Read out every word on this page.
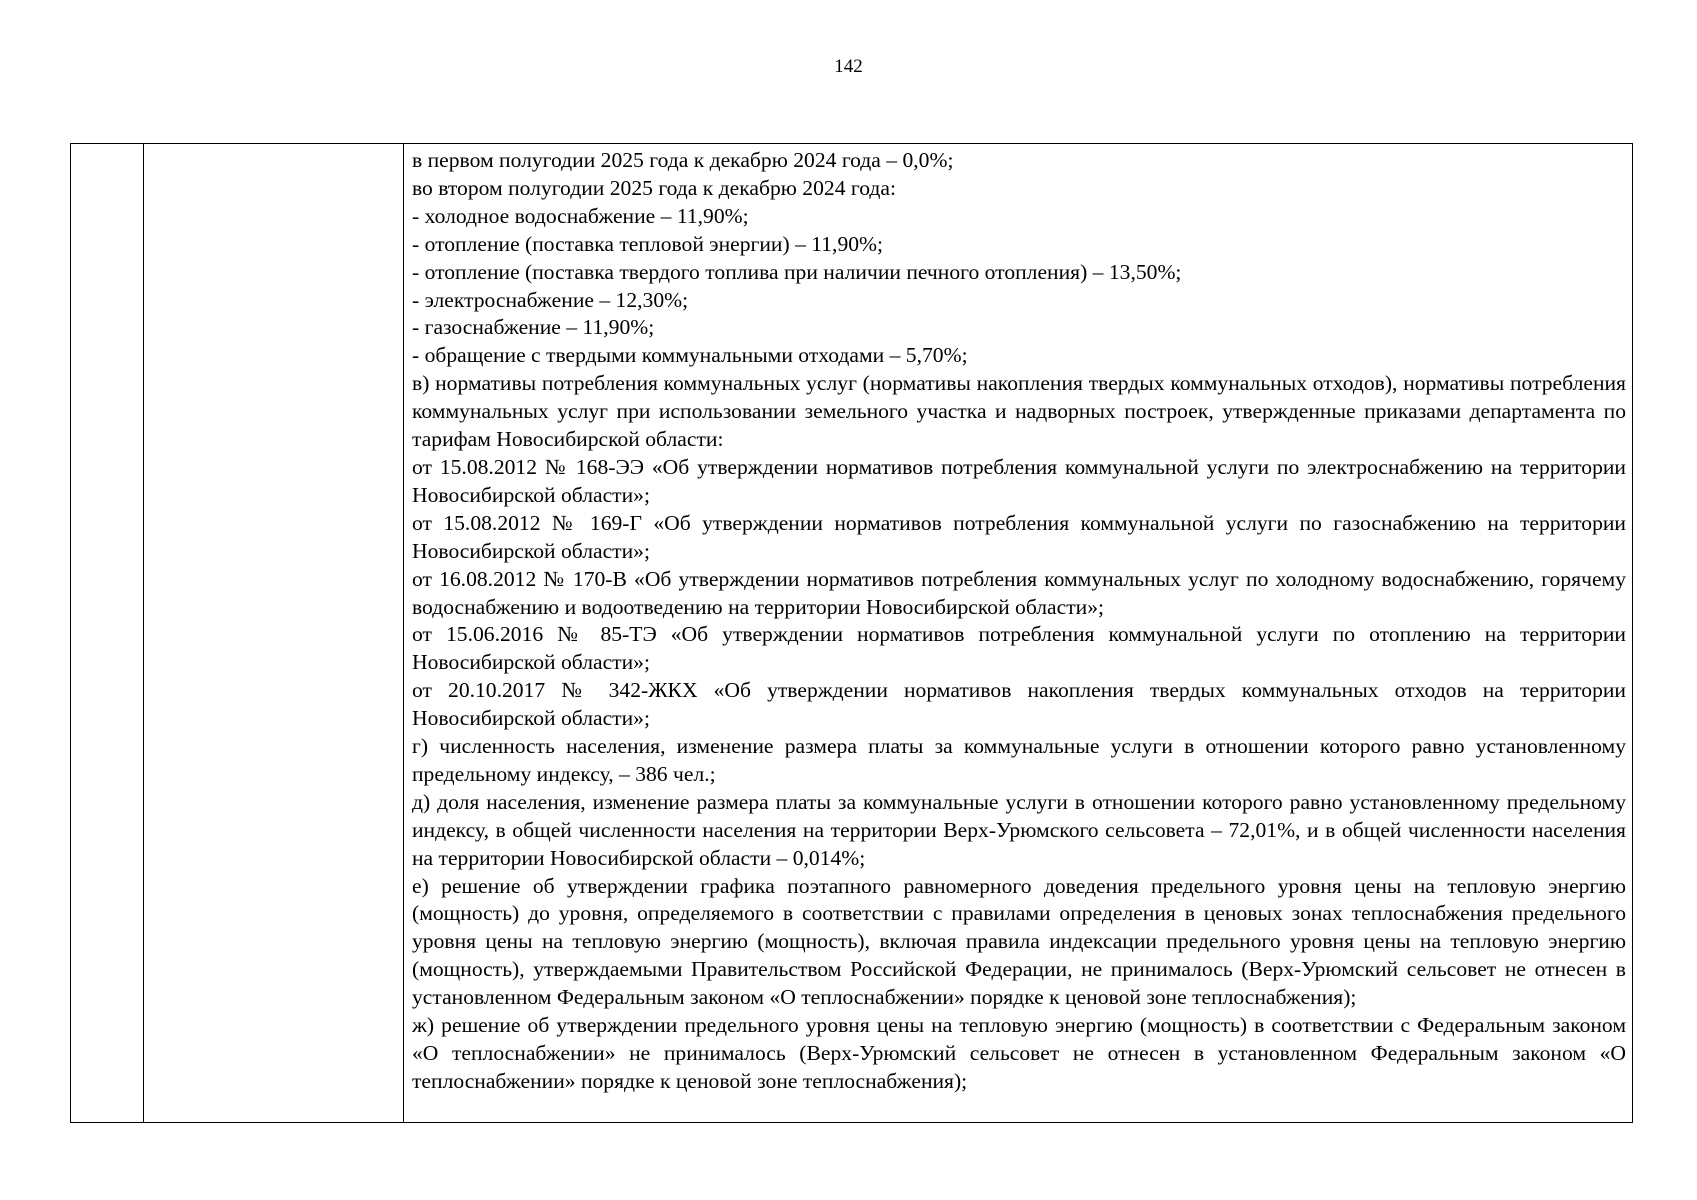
142

в первом полугодии 2025 года к декабрю 2024 года – 0,0%;

во втором полугодии 2025 года к декабрю 2024 года:

- холодное водоснабжение – 11,90%;

- отопление (поставка тепловой энергии) – 11,90%;

- отопление (поставка твердого топлива при наличии печного отопления) – 13,50%;

- электроснабжение – 12,30%;

- газоснабжение – 11,90%;

- обращение с твердыми коммунальными отходами – 5,70%;

в) нормативы потребления коммунальных услуг (нормативы накопления твердых коммунальных отходов), нормативы потребления коммунальных услуг при использовании земельного участка и надворных построек, утвержденные приказами департамента по тарифам Новосибирской области:

от 15.08.2012 № 168-ЭЭ «Об утверждении нормативов потребления коммунальной услуги по электроснабжению на территории Новосибирской области»;

от 15.08.2012 № 169-Г «Об утверждении нормативов потребления коммунальной услуги по газоснабжению на территории Новосибирской области»;

от 16.08.2012 № 170-В «Об утверждении нормативов потребления коммунальных услуг по холодному водоснабжению, горячему водоснабжению и водоотведению на территории Новосибирской области»;

от 15.06.2016 № 85-ТЭ «Об утверждении нормативов потребления коммунальной услуги по отоплению на территории Новосибирской области»;

от 20.10.2017 № 342-ЖКХ «Об утверждении нормативов накопления твердых коммунальных отходов на территории Новосибирской области»;

г) численность населения, изменение размера платы за коммунальные услуги в отношении которого равно установленному предельному индексу, – 386 чел.;

д) доля населения, изменение размера платы за коммунальные услуги в отношении которого равно установленному предельному индексу, в общей численности населения на территории Верх-Урюмского сельсовета – 72,01%, и в общей численности населения на территории Новосибирской области – 0,014%;

е) решение об утверждении графика поэтапного равномерного доведения предельного уровня цены на тепловую энергию (мощность) до уровня, определяемого в соответствии с правилами определения в ценовых зонах теплоснабжения предельного уровня цены на тепловую энергию (мощность), включая правила индексации предельного уровня цены на тепловую энергию (мощность), утверждаемыми Правительством Российской Федерации, не принималось (Верх-Урюмский сельсовет не отнесен в установленном Федеральным законом «О теплоснабжении» порядке к ценовой зоне теплоснабжения);

ж) решение об утверждении предельного уровня цены на тепловую энергию (мощность) в соответствии с Федеральным законом «О теплоснабжении» не принималось (Верх-Урюмский сельсовет не отнесен в установленном Федеральным законом «О теплоснабжении» порядке к ценовой зоне теплоснабжения);
